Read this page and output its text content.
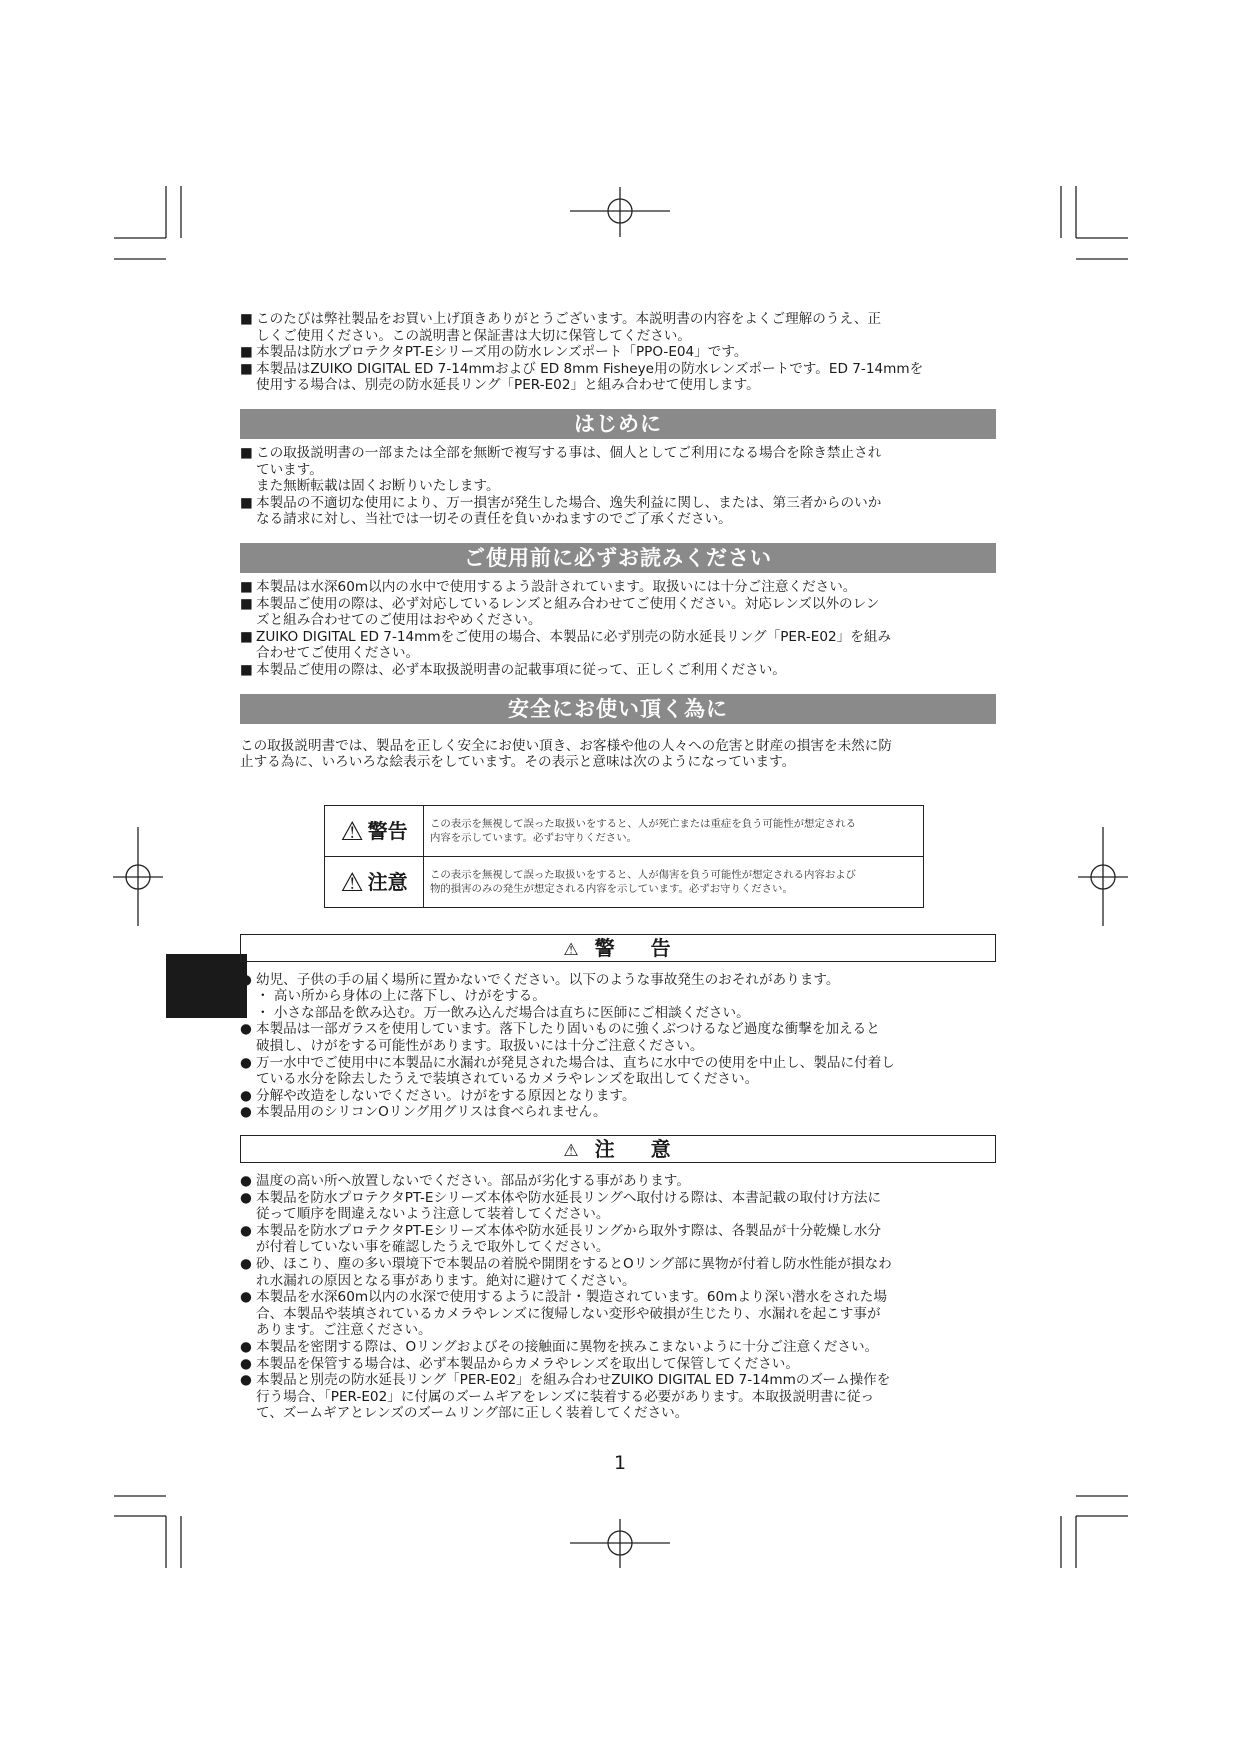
■ このたびは弊社製品をお買い上げ頂きありがとうございます。本説明書の内容をよくご理解のうえ、正
しくご使用ください。この説明書と保証書は大切に保管してください。
■ 本製品は防水プロテクタPT-Eシリーズ用の防水レンズポート「PPO-E04」です。
■ 本製品はZUIKO DIGITAL ED 7-14mmおよび ED 8mm Fisheye用の防水レンズポートです。ED 7-14mmを
使用する場合は、別売の防水延長リング「PER-E02」と組み合わせて使用します。
はじめに
■ この取扱説明書の一部または全部を無断で複写する事は、個人としてご利用になる場合を除き禁止され
ています。
また無断転載は固くお断りいたします。
■ 本製品の不適切な使用により、万一損害が発生した場合、逸失利益に関し、または、第三者からのいか
なる請求に対し、当社では一切その責任を負いかねますのでご了承ください。
ご使用前に必ずお読みください
■ 本製品は水深60m以内の水中で使用するよう設計されています。取扱いには十分ご注意ください。
■ 本製品ご使用の際は、必ず対応しているレンズと組み合わせてご使用ください。対応レンズ以外のレン
ズと組み合わせてのご使用はおやめください。
■ ZUIKO DIGITAL ED 7-14mmをご使用の場合、本製品に必ず別売の防水延長リング「PER-E02」を組み
合わせてご使用ください。
■ 本製品ご使用の際は、必ず本取扱説明書の記載事項に従って、正しくご利用ください。
安全にお使い頂く為に

この取扱説明書では、製品を正しく安全にお使い頂き、お客様や他の人々への危害と財産の損害を未然に防
止する為に、いろいろな絵表示をしています。その表示と意味は次のようになっています。

⚠ 警告	この表示を無視して誤った取扱いをすると、人が死亡または重症を負う可能性が想定される
内容を示しています。必ずお守りください。
⚠ 注意	この表示を無視して誤った取扱いをすると、人が傷害を負う可能性が想定される内容および
物的損害のみの発生が想定される内容を示しています。必ずお守りください。
⚠ 警 告
● 幼児、子供の手の届く場所に置かないでください。以下のような事故発生のおそれがあります。
・ 高い所から身体の上に落下し、けがをする。
・ 小さな部品を飲み込む。万一飲み込んだ場合は直ちに医師にご相談ください。
● 本製品は一部ガラスを使用しています。落下したり固いものに強くぶつけるなど過度な衝撃を加えると
破損し、けがをする可能性があります。取扱いには十分ご注意ください。
● 万一水中でご使用中に本製品に水漏れが発見された場合は、直ちに水中での使用を中止し、製品に付着し
ている水分を除去したうえで装填されているカメラやレンズを取出してください。
● 分解や改造をしないでください。けがをする原因となります。
● 本製品用のシリコンOリング用グリスは食べられません。
⚠ 注 意
● 温度の高い所へ放置しないでください。部品が劣化する事があります。
● 本製品を防水プロテクタPT-Eシリーズ本体や防水延長リングへ取付ける際は、本書記載の取付け方法に
従って順序を間違えないよう注意して装着してください。
● 本製品を防水プロテクタPT-Eシリーズ本体や防水延長リングから取外す際は、各製品が十分乾燥し水分
が付着していない事を確認したうえで取外してください。
● 砂、ほこり、塵の多い環境下で本製品の着脱や開閉をするとOリング部に異物が付着し防水性能が損なわ
れ水漏れの原因となる事があります。絶対に避けてください。
● 本製品を水深60m以内の水深で使用するように設計・製造されています。60mより深い潜水をされた場
合、本製品や装填されているカメラやレンズに復帰しない変形や破損が生じたり、水漏れを起こす事が
あります。ご注意ください。
● 本製品を密閉する際は、Oリングおよびその接触面に異物を挟みこまないように十分ご注意ください。
● 本製品を保管する場合は、必ず本製品からカメラやレンズを取出して保管してください。
● 本製品と別売の防水延長リング「PER-E02」を組み合わせZUIKO DIGITAL ED 7-14mmのズーム操作を
行う場合、「PER-E02」に付属のズームギアをレンズに装着する必要があります。本取扱説明書に従っ
て、ズームギアとレンズのズームリング部に正しく装着してください。
1
